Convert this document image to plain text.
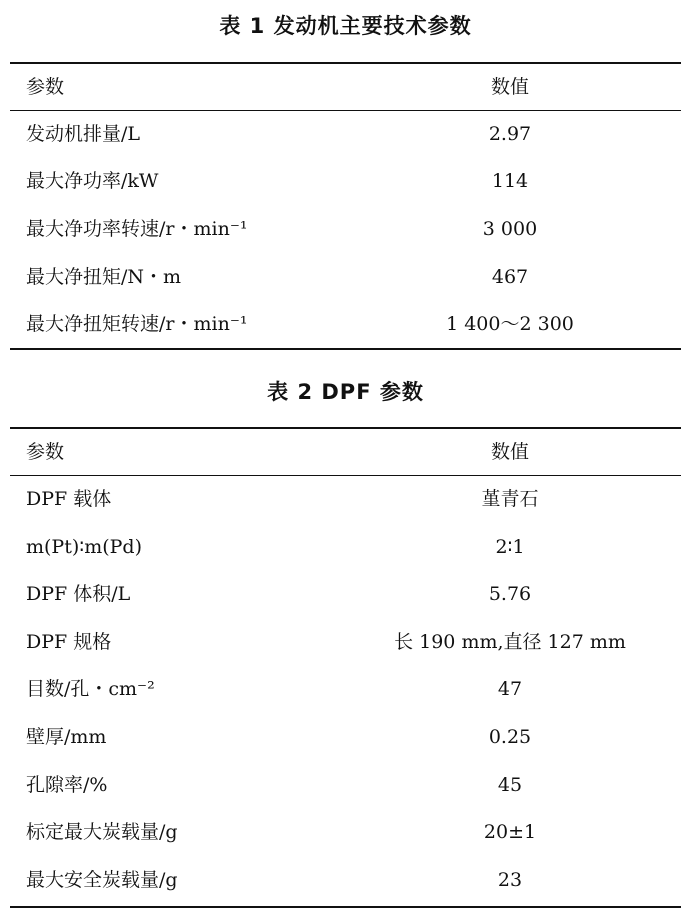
表 1 发动机主要技术参数
参数	数值
发动机排量/L	2.97
最大净功率/kW	114
最大净功率转速/r・min⁻¹	3 000
最大净扭矩/N・m	467
最大净扭矩转速/r・min⁻¹	1 400～2 300
表 2 DPF 参数
参数	数值
DPF 载体	堇青石
m(Pt)∶m(Pd)	2∶1
DPF 体积/L	5.76
DPF 规格	长 190 mm,直径 127 mm
目数/孔・cm⁻²	47
壁厚/mm	0.25
孔隙率/%	45
标定最大炭载量/g	20±1
最大安全炭载量/g	23
